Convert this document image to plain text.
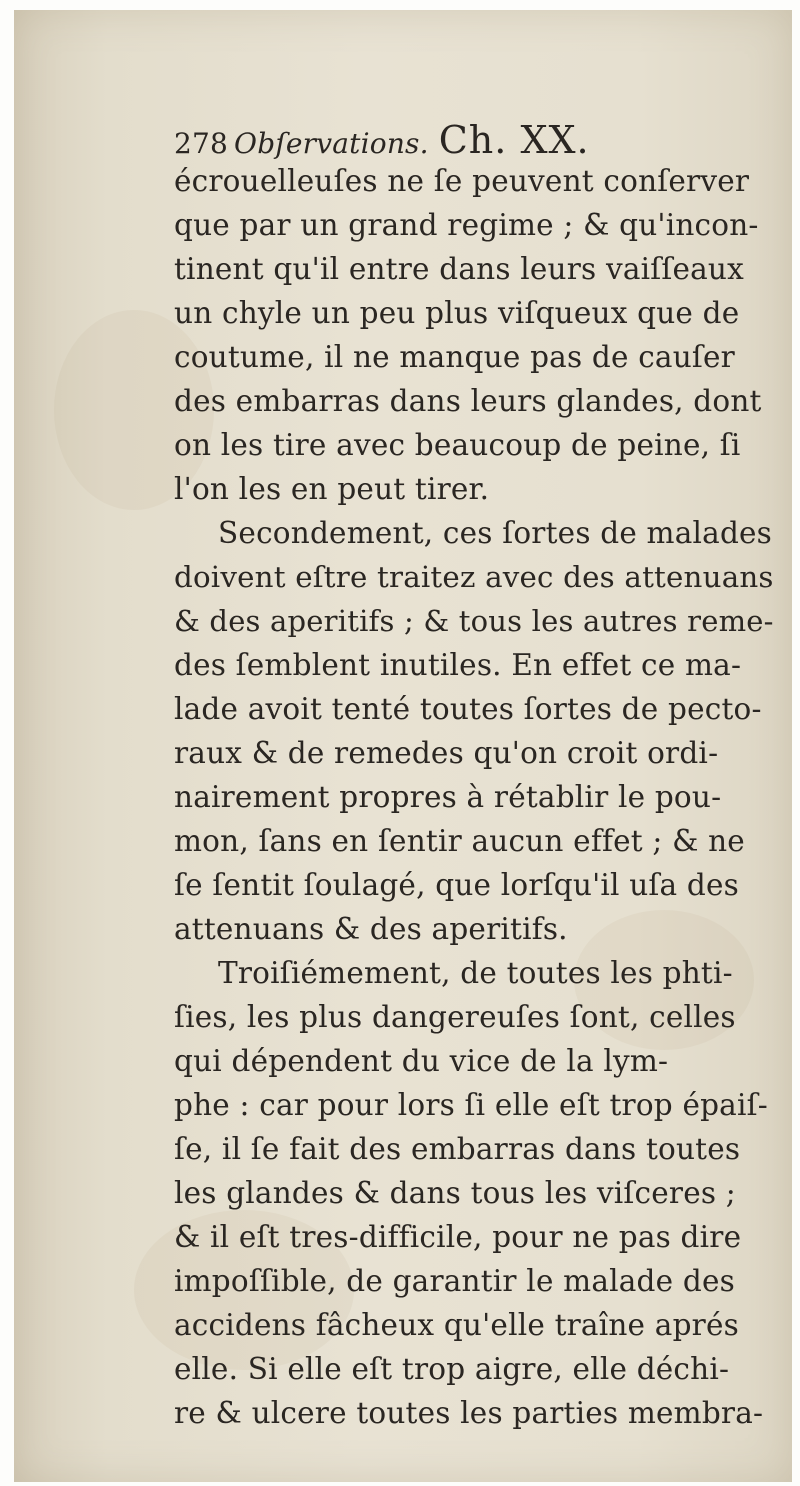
278 Obſervations. Ch. XX.
écrouelleuſes ne ſe peuvent conſerver
que par un grand regime ; & qu'incon-
tinent qu'il entre dans leurs vaiſſeaux
un chyle un peu plus viſqueux que de
coutume, il ne manque pas de cauſer
des embarras dans leurs glandes, dont
on les tire avec beaucoup de peine, ſi
l'on les en peut tirer.
Secondement, ces ſortes de malades
doivent eſtre traitez avec des attenuans
& des aperitifs ; & tous les autres reme-
des ſemblent inutiles. En effet ce ma-
lade avoit tenté toutes ſortes de pecto-
raux & de remedes qu'on croit ordi-
nairement propres à rétablir le pou-
mon, ſans en ſentir aucun effet ; & ne
ſe ſentit ſoulagé, que lorſqu'il uſa des
attenuans & des aperitifs.
Troiſiémement, de toutes les phti-
ſies, les plus dangereuſes ſont, celles
qui dépendent du vice de la lym-
phe : car pour lors ſi elle eſt trop épaiſ-
ſe, il ſe fait des embarras dans toutes
les glandes & dans tous les viſceres ;
& il eſt tres-difficile, pour ne pas dire
impoſſible, de garantir le malade des
accidens fâcheux qu'elle traîne aprés
elle. Si elle eſt trop aigre, elle déchi-
re & ulcere toutes les parties membra-
